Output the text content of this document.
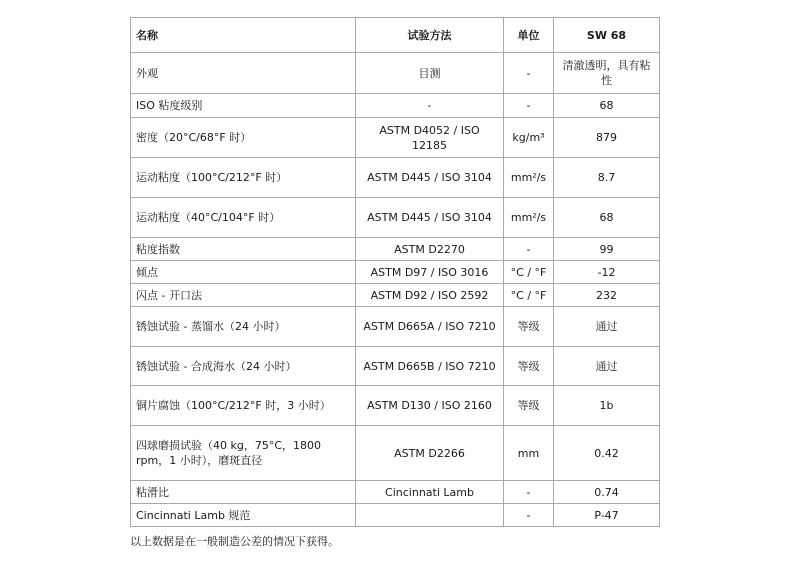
名称	试验方法	单位	SW 68
外观	目测	-	清澈透明，具有粘性
ISO 粘度级别	-	-	68
密度（20°C/68°F 时）	ASTM D4052 / ISO 12185	kg/m³	879
运动粘度（100°C/212°F 时）	ASTM D445 / ISO 3104	mm²/s	8.7
运动粘度（40°C/104°F 时）	ASTM D445 / ISO 3104	mm²/s	68
粘度指数	ASTM D2270	-	99
倾点	ASTM D97 / ISO 3016	°C / °F	-12
闪点 - 开口法	ASTM D92 / ISO 2592	°C / °F	232
锈蚀试验 - 蒸馏水（24 小时）	ASTM D665A / ISO 7210	等级	通过
锈蚀试验 - 合成海水（24 小时）	ASTM D665B / ISO 7210	等级	通过
铜片腐蚀（100°C/212°F 时，3 小时）	ASTM D130 / ISO 2160	等级	1b
四球磨损试验（40 kg，75°C，1800 rpm，1 小时），磨斑直径	ASTM D2266	mm	0.42
粘滑比	Cincinnati Lamb	-	0.74
Cincinnati Lamb 规范		-	P-47
以上数据是在一般制造公差的情况下获得。
